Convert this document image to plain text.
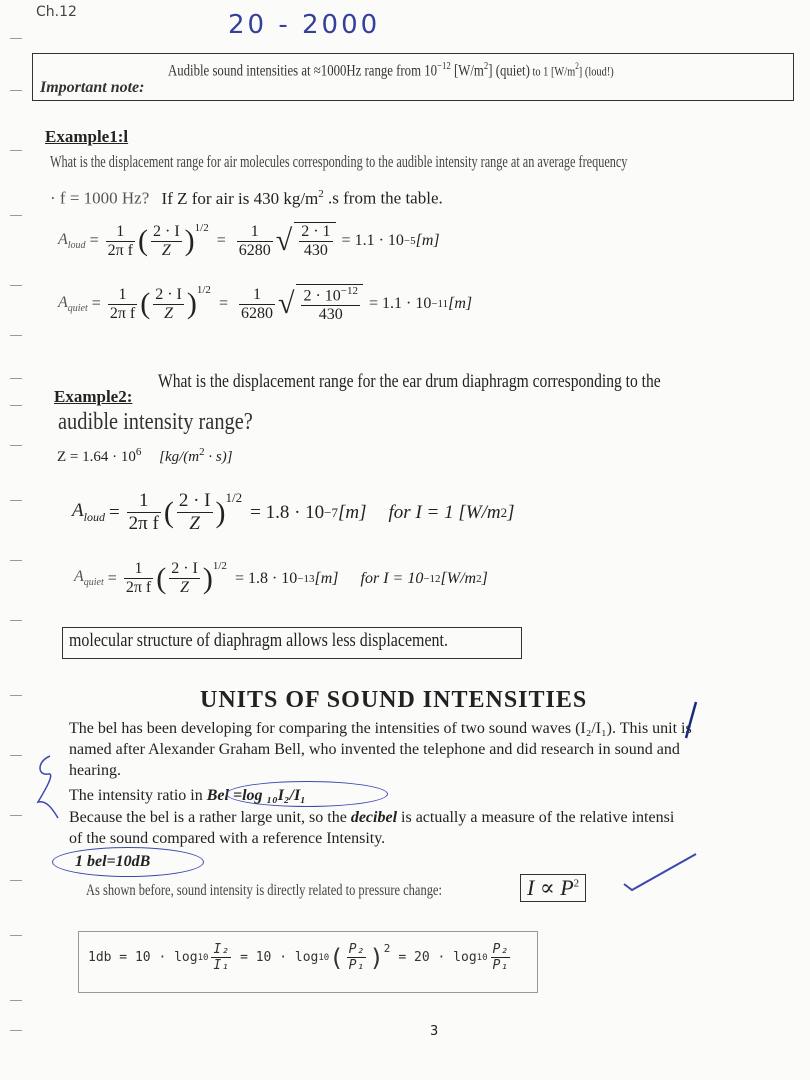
Ch.12	20 - 2000
Important note:
Audible sound intensities at ≈1000Hz range from $10^{-12}$ $[W/m^2]$ (quiet) to 1 $[W/m^2]$ (loud!)
Example1:l
What is the displacement range for air molecules corresponding to the audible intensity range at an average frequency
· f = 1000 Hz? If Z for air is 430 $kg/m^2$ .s from the table.
$A_{loud} = \frac{1}{\text{2π f}}$ ( $\frac{2 \cdot I}{Z} )^{1/2}$
= $\frac{1}{6280}$ √ $\frac{2 \cdot 1}{430} = 1.1 \cdot 10 -5$ [m]
$A_{quiet} = \frac{1}{\text{2π f}}$ ( $\frac{2 \cdot I}{Z} )^{1/2}$
= $\frac{1}{6280}$ √ $\frac{2 \cdot 10^{-12}}{430} = 1.1 \cdot 10 -11$ [m]
Example2:
What is the displacement range for the ear drum diaphragm corresponding to the
audible intensity range?
$Z = 1.64 \cdot 10^6$ $[kg/(m^2 \cdot s)]$
$A_{loud} = \frac{1}{\text{2π f}}$ ( $\frac{2 \cdot I}{Z} )^{1/2}$
= 1.8 · 10 −7 [m] for I = 1 [W/m 2 ]
$A_{quiet} = \frac{1}{\text{2π f}}$ ( $\frac{2 \cdot I}{Z} )^{1/2}$
= 1.8 · 10 −13 [m] for I = 10 −12 [W/m 2 ]
molecular structure of diaphragm allows less displacement.
UNITS OF SOUND INTENSITIES
The bel has been developing for comparing the intensities of two sound waves (I₂/I₁). This unit is
named after Alexander Graham Bell, who invented the telephone and did research in sound and
hearing.
The intensity ratio in Bel =log ₁₀I₂/I₁
Because the bel is a rather large unit, so the decibel is actually a measure of the relative intensi
of the sound compared with a reference Intensity.
1 bel=10dB
As shown before, sound intensity is directly related to pressure change:	$I \propto P^2$
$1db = 10 \cdot \log 10 \frac{\text{I₂}}{\text{I₁}} = 10 \cdot \log 10$ ( $\frac{\text{P₂}}{\text{P₁}} )^2$
= $20 \cdot \log 10 \frac{\text{P₂}}{\text{P₁}}$
3
